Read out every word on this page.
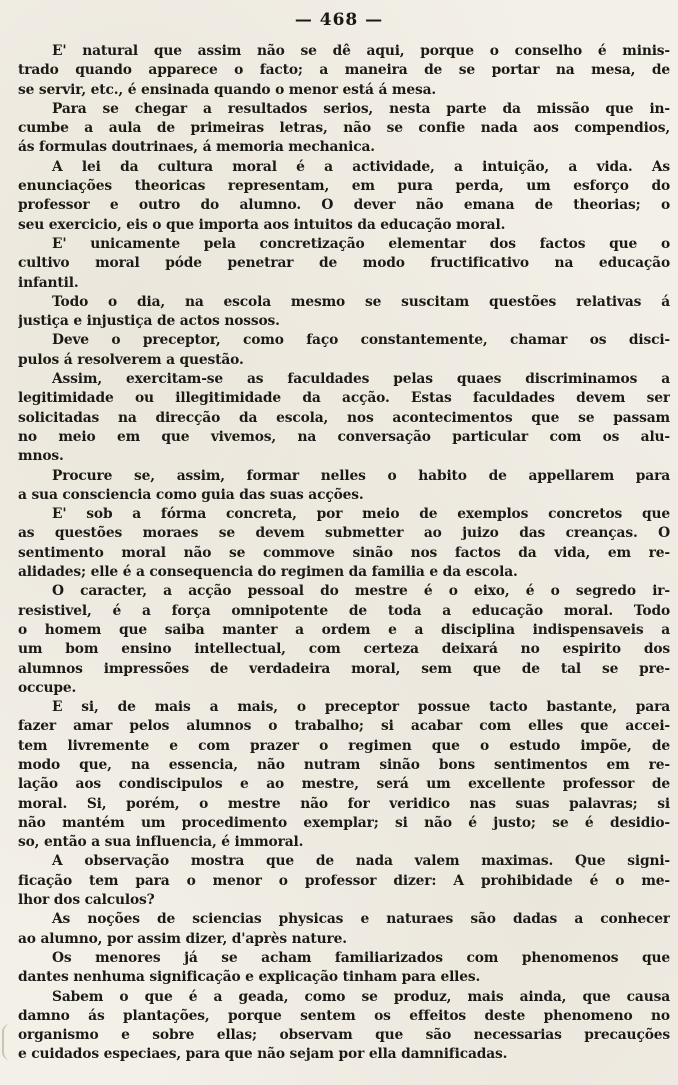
— 468 —
E' natural que assim não se dê aqui, porque o conselho é minis-
trado quando apparece o facto; a maneira de se portar na mesa, de
se servir, etc., é ensinada quando o menor está á mesa.
Para se chegar a resultados serios, nesta parte da missão que in-
cumbe a aula de primeiras letras, não se confie nada aos compendios,
ás formulas doutrinaes, á memoria mechanica.
A lei da cultura moral é a actividade, a intuição, a vida. As
enunciações theoricas representam, em pura perda, um esforço do
professor e outro do alumno. O dever não emana de theorias; o
seu exercicio, eis o que importa aos intuitos da educação moral.
E' unicamente pela concretização elementar dos factos que o
cultivo moral póde penetrar de modo fructificativo na educação
infantil.
Todo o dia, na escola mesmo se suscitam questões relativas á
justiça e injustiça de actos nossos.
Deve o preceptor, como faço constantemente, chamar os disci-
pulos á resolverem a questão.
Assim, exercitam-se as faculdades pelas quaes discriminamos a
legitimidade ou illegitimidade da acção. Estas faculdades devem ser
solicitadas na direcção da escola, nos acontecimentos que se passam
no meio em que vivemos, na conversação particular com os alu-
mnos.
Procure se, assim, formar nelles o habito de appellarem para
a sua consciencia como guia das suas acções.
E' sob a fórma concreta, por meio de exemplos concretos que
as questões moraes se devem submetter ao juizo das creanças. O
sentimento moral não se commove sinão nos factos da vida, em re-
alidades; elle é a consequencia do regimen da familia e da escola.
O caracter, a acção pessoal do mestre é o eixo, é o segredo ir-
resistivel, é a força omnipotente de toda a educação moral. Todo
o homem que saiba manter a ordem e a disciplina indispensaveis a
um bom ensino intellectual, com certeza deixará no espirito dos
alumnos impressões de verdadeira moral, sem que de tal se pre-
occupe.
E si, de mais a mais, o preceptor possue tacto bastante, para
fazer amar pelos alumnos o trabalho; si acabar com elles que accei-
tem livremente e com prazer o regimen que o estudo impõe, de
modo que, na essencia, não nutram sinão bons sentimentos em re-
lação aos condiscipulos e ao mestre, será um excellente professor de
moral. Si, porém, o mestre não for veridico nas suas palavras; si
não mantém um procedimento exemplar; si não é justo; se é desidio-
so, então a sua influencia, é immoral.
A observação mostra que de nada valem maximas. Que signi-
ficação tem para o menor o professor dizer: A prohibidade é o me-
lhor dos calculos?
As noções de sciencias physicas e naturaes são dadas a conhecer
ao alumno, por assim dizer, d'après nature.
Os menores já se acham familiarizados com phenomenos que
dantes nenhuma significação e explicação tinham para elles.
Sabem o que é a geada, como se produz, mais ainda, que causa
damno ás plantações, porque sentem os effeitos deste phenomeno no
organismo e sobre ellas; observam que são necessarias precauções
e cuidados especiaes, para que não sejam por ella damnificadas.
